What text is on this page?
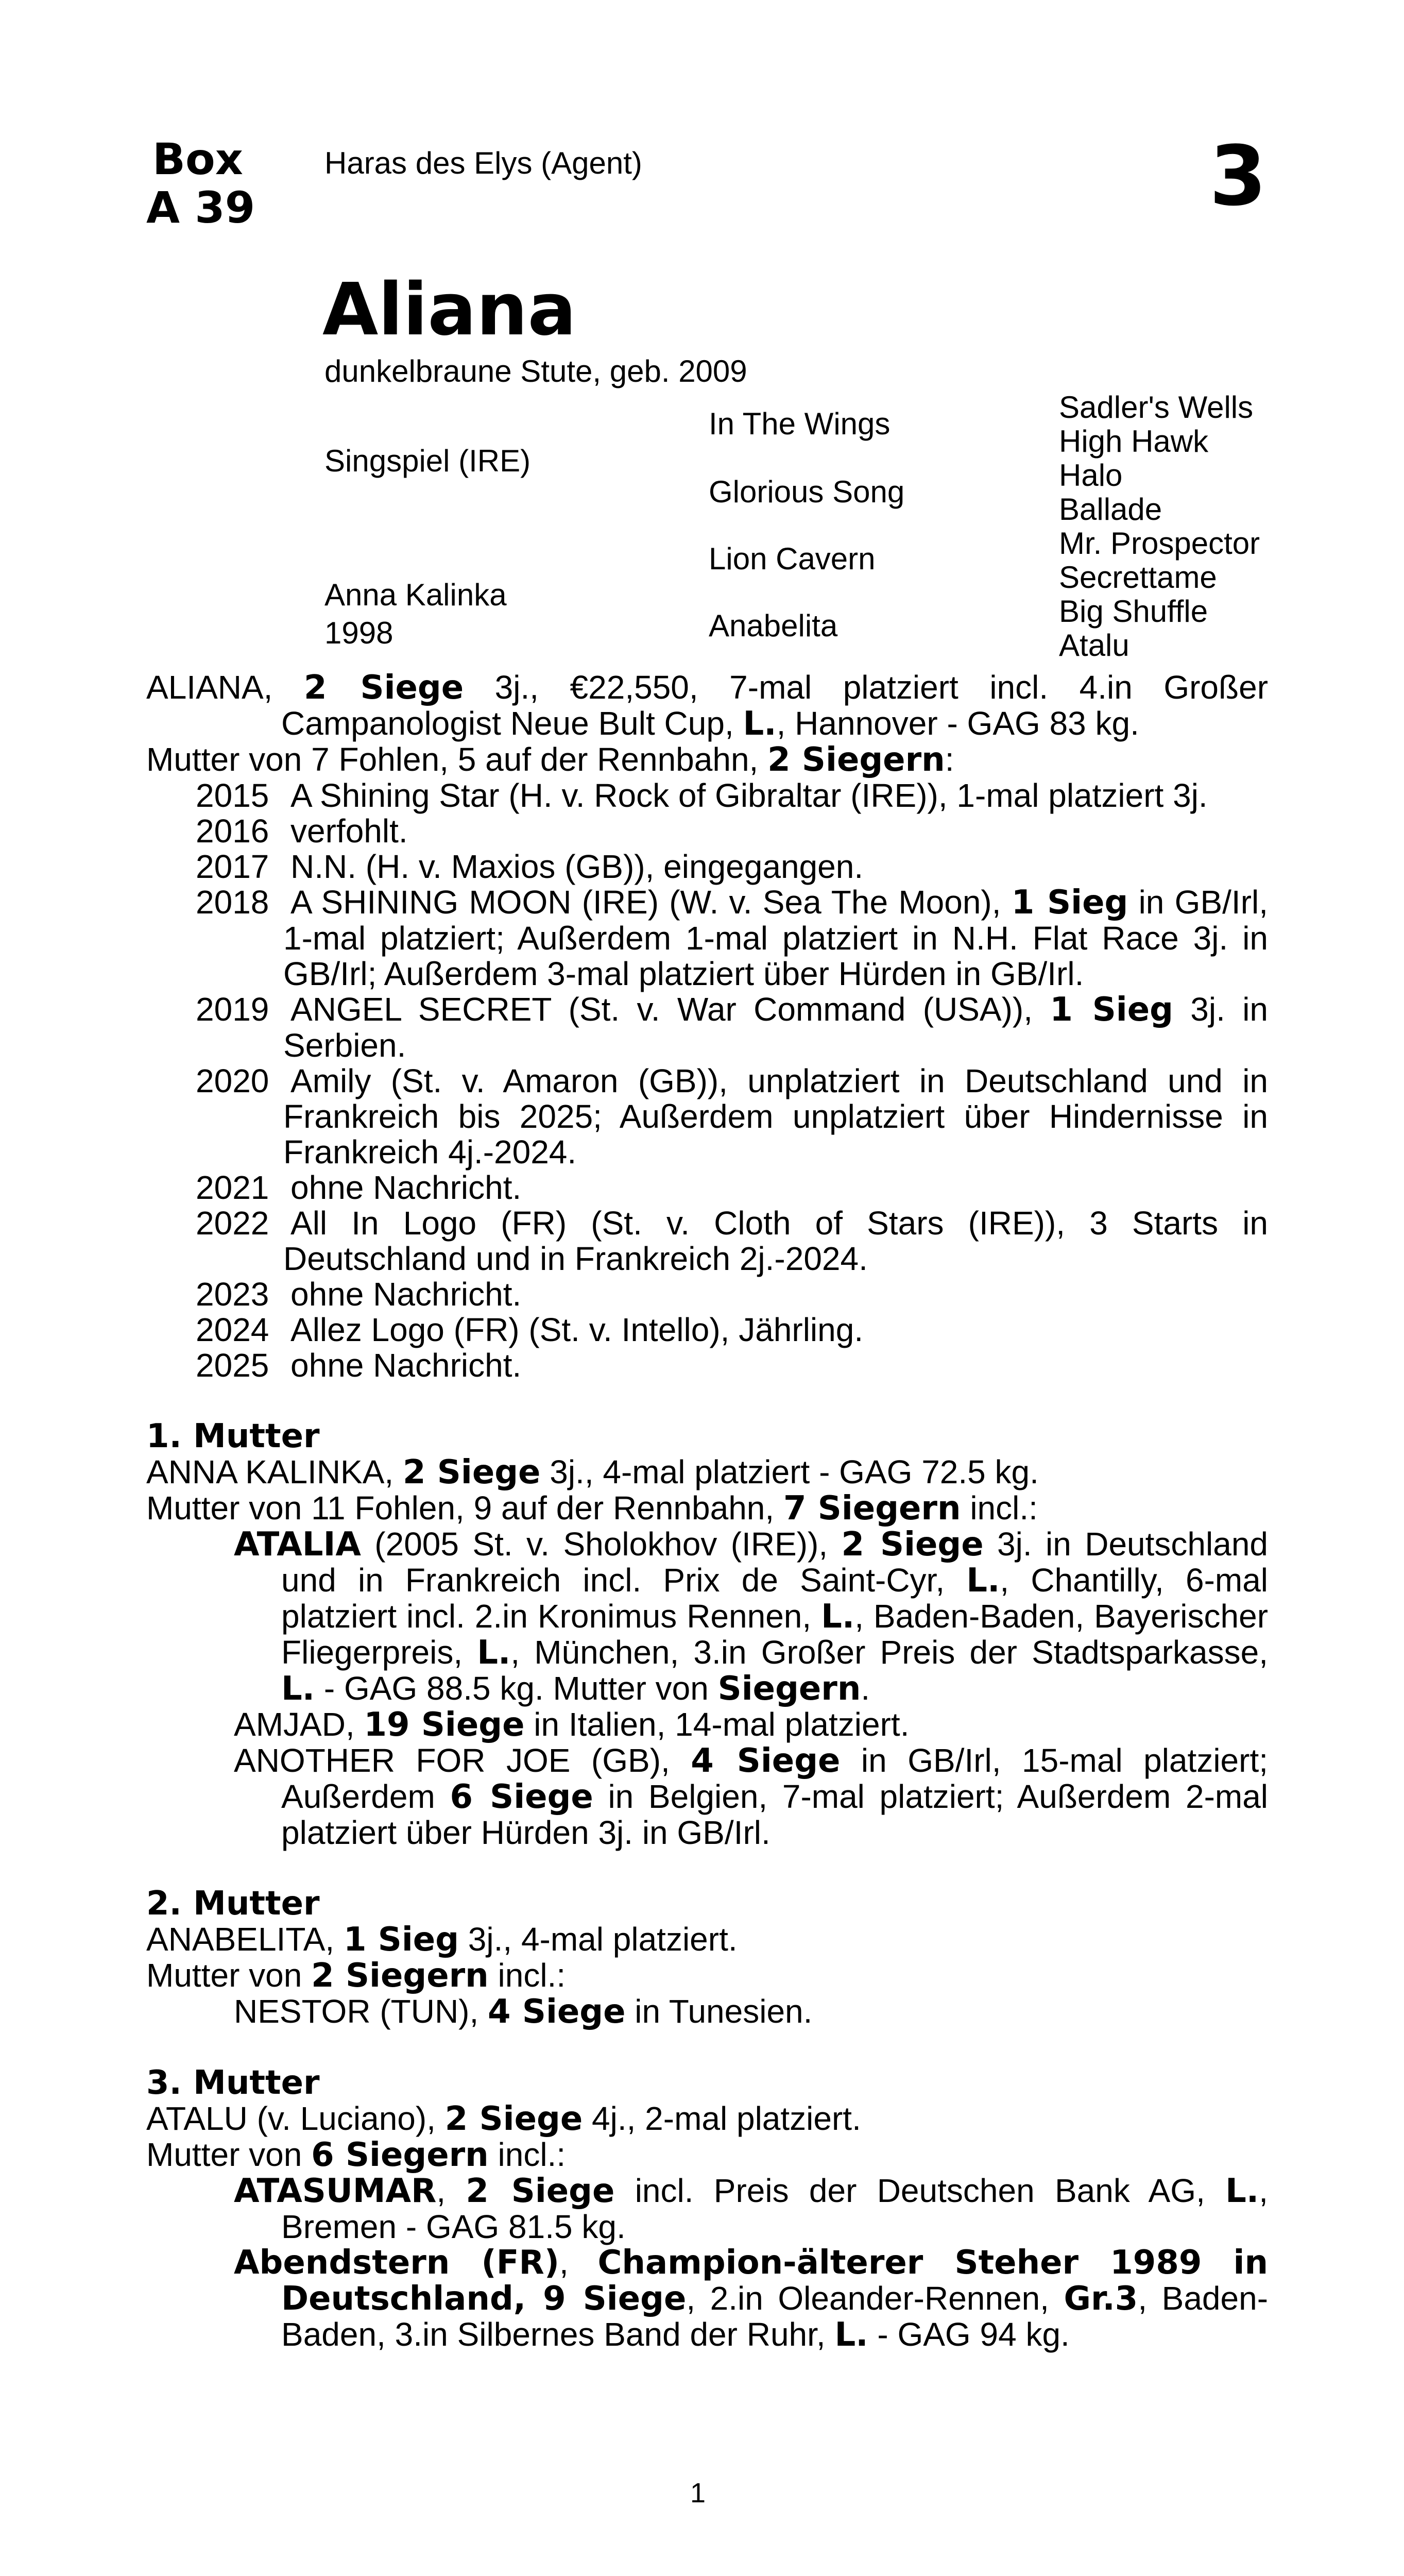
Box
A 39
Haras des Elys (Agent)	3
Aliana
dunkelbraune Stute, geb. 2009
Singspiel (IRE)
Anna Kalinka
1998
In The Wings
Glorious Song
Lion Cavern
Anabelita
Sadler's Wells
High Hawk
Halo
Ballade
Mr. Prospector
Secrettame
Big Shuffle
Atalu

ALIANA, 2 Siege 3j., €22,550, 7-mal platziert incl. 4.in Großer Campanologist Neue Bult Cup, L., Hannover - GAG 83 kg.

Mutter von 7 Fohlen, 5 auf der Rennbahn, 2 Siegern:

2015 A Shining Star (H. v. Rock of Gibraltar (IRE)), 1-mal platziert 3j.

2016 verfohlt.

2017 N.N. (H. v. Maxios (GB)), eingegangen.

2018 A SHINING MOON (IRE) (W. v. Sea The Moon), 1 Sieg in GB/Irl, 1-mal platziert; Außerdem 1-mal platziert in N.H. Flat Race 3j. in GB/Irl; Außerdem 3-mal platziert über Hürden in GB/Irl.

2019 ANGEL SECRET (St. v. War Command (USA)), 1 Sieg 3j. in Serbien.

2020 Amily (St. v. Amaron (GB)), unplatziert in Deutschland und in Frankreich bis 2025; Außerdem unplatziert über Hindernisse in Frankreich 4j.-2024.

2021 ohne Nachricht.

2022 All In Logo (FR) (St. v. Cloth of Stars (IRE)), 3 Starts in Deutschland und in Frankreich 2j.-2024.

2023 ohne Nachricht.

2024 Allez Logo (FR) (St. v. Intello), Jährling.

2025 ohne Nachricht.

1. Mutter

ANNA KALINKA, 2 Siege 3j., 4-mal platziert - GAG 72.5 kg.

Mutter von 11 Fohlen, 9 auf der Rennbahn, 7 Siegern incl.:

ATALIA (2005 St. v. Sholokhov (IRE)), 2 Siege 3j. in Deutschland und in Frankreich incl. Prix de Saint-Cyr, L., Chantilly, 6-mal platziert incl. 2.in Kronimus Rennen, L., Baden-Baden, Bayerischer Fliegerpreis, L., München, 3.in Großer Preis der Stadtsparkasse, L. - GAG 88.5 kg. Mutter von Siegern.

AMJAD, 19 Siege in Italien, 14-mal platziert.

ANOTHER FOR JOE (GB), 4 Siege in GB/Irl, 15-mal platziert; Außerdem 6 Siege in Belgien, 7-mal platziert; Außerdem 2-mal platziert über Hürden 3j. in GB/Irl.

2. Mutter

ANABELITA, 1 Sieg 3j., 4-mal platziert.

Mutter von 2 Siegern incl.:

NESTOR (TUN), 4 Siege in Tunesien.

3. Mutter

ATALU (v. Luciano), 2 Siege 4j., 2-mal platziert.

Mutter von 6 Siegern incl.:

ATASUMAR, 2 Siege incl. Preis der Deutschen Bank AG, L., Bremen - GAG 81.5 kg.

Abendstern (FR), Champion-älterer Steher 1989 in Deutschland, 9 Siege, 2.in Oleander-Rennen, Gr.3, Baden-Baden, 3.in Silbernes Band der Ruhr, L. - GAG 94 kg.

1
